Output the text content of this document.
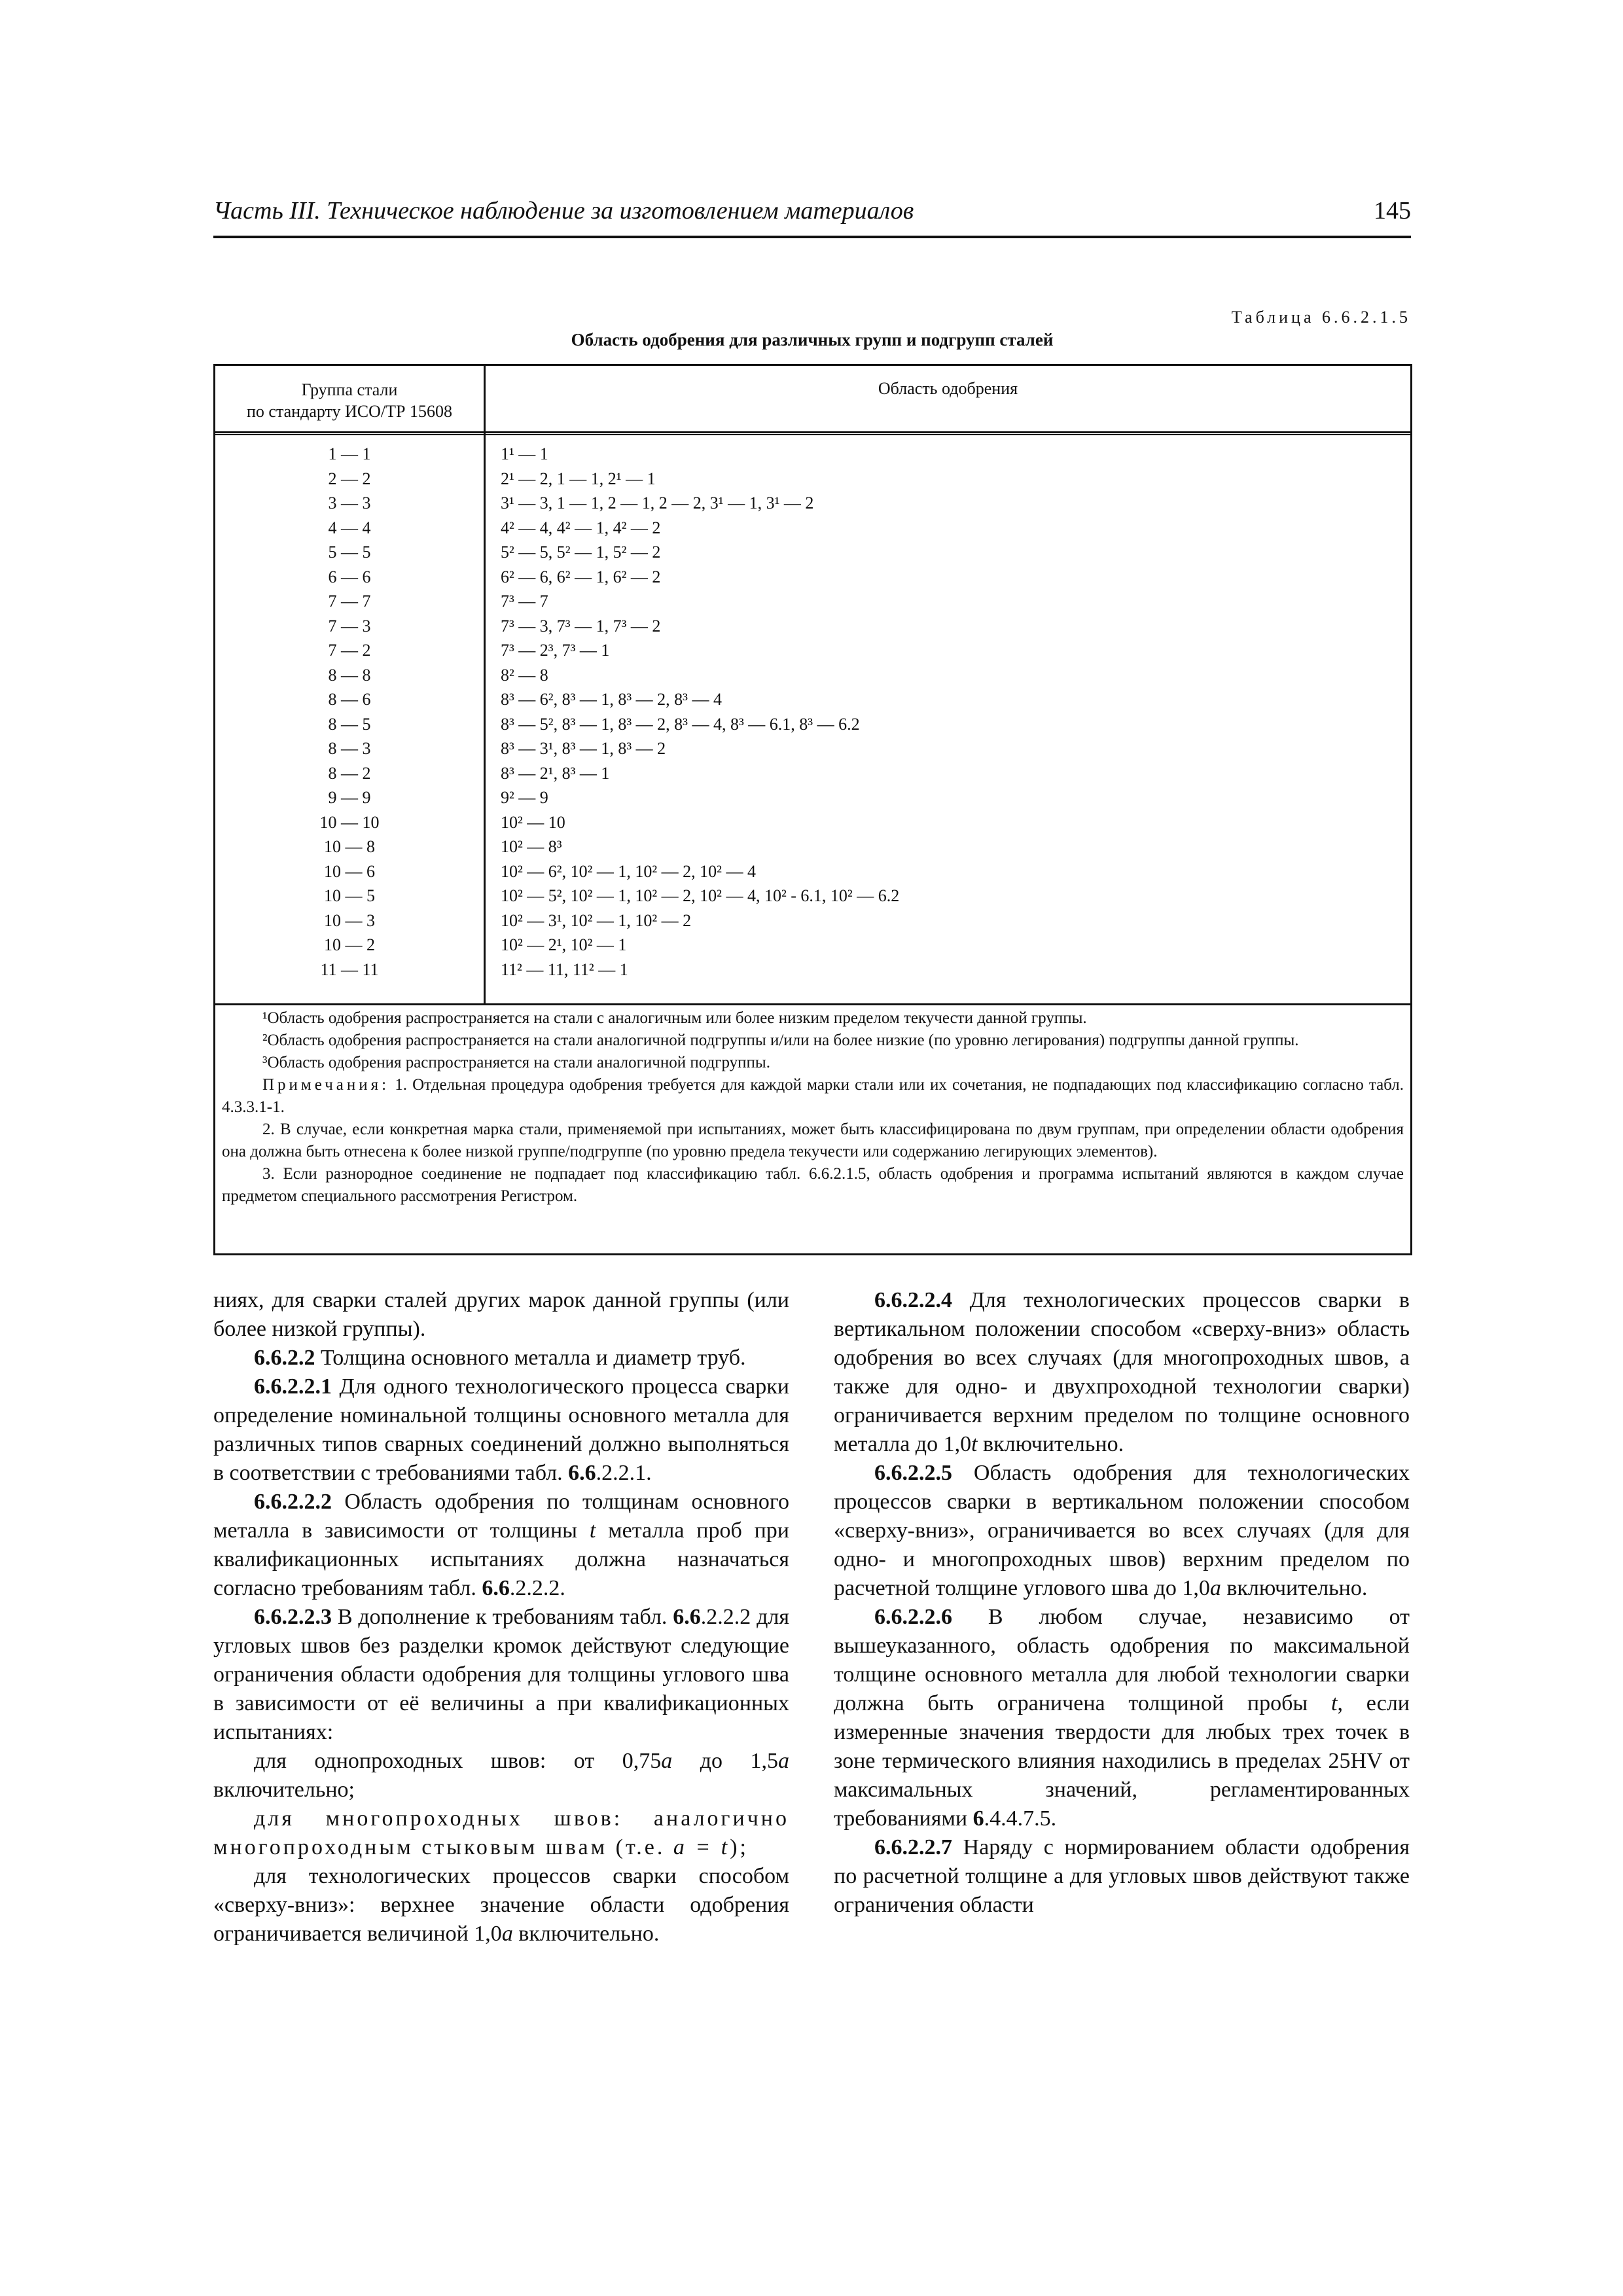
Часть III. Техническое наблюдение за изготовлением материалов	145
Таблица 6.6.2.1.5
Область одобрения для различных групп и подгрупп сталей
Группа стали
по стандарту ИСО/ТР 15608
Область одобрения
1 — 1	1¹ — 1
2 — 2	2¹ — 2, 1 — 1, 2¹ — 1
3 — 3	3¹ — 3, 1 — 1, 2 — 1, 2 — 2, 3¹ — 1, 3¹ — 2
4 — 4	4² — 4, 4² — 1, 4² — 2
5 — 5	5² — 5, 5² — 1, 5² — 2
6 — 6	6² — 6, 6² — 1, 6² — 2
7 — 7	7³ — 7
7 — 3	7³ — 3, 7³ — 1, 7³ — 2
7 — 2	7³ — 2³, 7³ — 1
8 — 8	8² — 8
8 — 6	8³ — 6², 8³ — 1, 8³ — 2, 8³ — 4
8 — 5	8³ — 5², 8³ — 1, 8³ — 2, 8³ — 4, 8³ — 6.1, 8³ — 6.2
8 — 3	8³ — 3¹, 8³ — 1, 8³ — 2
8 — 2	8³ — 2¹, 8³ — 1
9 — 9	9² — 9
10 — 10	10² — 10
10 — 8	10² — 8³
10 — 6	10² — 6², 10² — 1, 10² — 2, 10² — 4
10 — 5	10² — 5², 10² — 1, 10² — 2, 10² — 4, 10² - 6.1, 10² — 6.2
10 — 3	10² — 3¹, 10² — 1, 10² — 2
10 — 2	10² — 2¹, 10² — 1
11 — 11	11² — 11, 11² — 1

¹Область одобрения распространяется на стали с аналогичным или более низким пределом текучести данной группы.

²Область одобрения распространяется на стали аналогичной подгруппы и/или на более низкие (по уровню легирования) подгруппы данной группы.

³Область одобрения распространяется на стали аналогичной подгруппы.

Примечания: 1. Отдельная процедура одобрения требуется для каждой марки стали или их сочетания, не подпадающих под классификацию согласно табл. 4.3.3.1-1.

2. В случае, если конкретная марка стали, применяемой при испытаниях, может быть классифицирована по двум группам, при определении области одобрения она должна быть отнесена к более низкой группе/подгруппе (по уровню предела текучести или содержанию легирующих элементов).

3. Если разнородное соединение не подпадает под классификацию табл. 6.6.2.1.5, область одобрения и программа испытаний являются в каждом случае предметом специального рассмотрения Регистром.

ниях, для сварки сталей других марок данной группы (или более низкой группы).

6.6.2.2 Толщина основного металла и диаметр труб.

6.6.2.2.1 Для одного технологического процесса сварки определение номинальной толщины основного металла для различных типов сварных соединений должно выполняться в соответствии с требованиями табл. 6.6.2.2.1.

6.6.2.2.2 Область одобрения по толщинам основного металла в зависимости от толщины t металла проб при квалификационных испытаниях должна назначаться согласно требованиям табл. 6.6.2.2.2.

6.6.2.2.3 В дополнение к требованиям табл. 6.6.2.2.2 для угловых швов без разделки кромок действуют следующие ограничения области одобрения для толщины углового шва в зависимости от её величины а при квалификационных испытаниях:

для однопроходных швов: от 0,75a до 1,5a включительно;

для многопроходных швов: аналогично многопроходным стыковым швам (т.е. a = t);

для технологических процессов сварки способом «сверху-вниз»: верхнее значение области одобрения ограничивается величиной 1,0a включительно.

6.6.2.2.4 Для технологических процессов сварки в вертикальном положении способом «сверху-вниз» область одобрения во всех случаях (для многопроходных швов, а также для одно- и двухпроходной технологии сварки) ограничивается верхним пределом по толщине основного металла до 1,0t включительно.

6.6.2.2.5 Область одобрения для технологических процессов сварки в вертикальном положении способом «сверху-вниз», ограничивается во всех случаях (для для одно- и многопроходных швов) верхним пределом по расчетной толщине углового шва до 1,0a включительно.

6.6.2.2.6 В любом случае, независимо от вышеуказанного, область одобрения по максимальной толщине основного металла для любой технологии сварки должна быть ограничена толщиной пробы t, если измеренные значения твердости для любых трех точек в зоне термического влияния находились в пределах 25HV от максимальных значений, регламентированных требованиями 6.4.4.7.5.

6.6.2.2.7 Наряду с нормированием области одобрения по расчетной толщине a для угловых швов действуют также ограничения области
